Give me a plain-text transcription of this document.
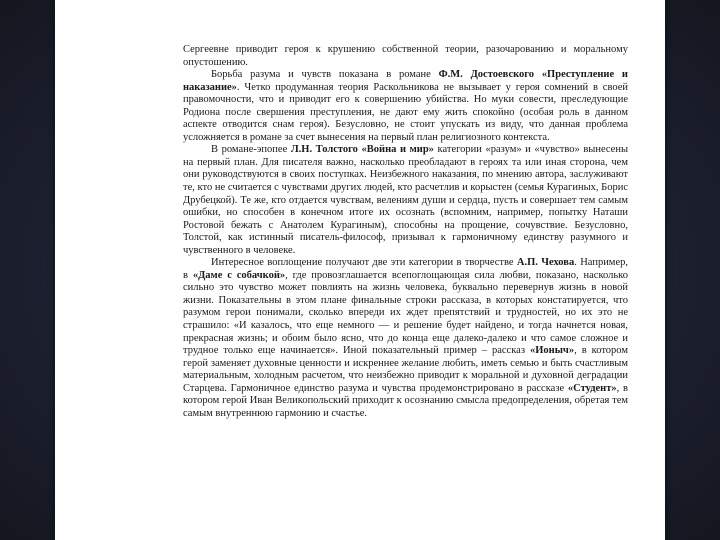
Сергеевне приводит героя к крушению собственной теории, разочарованию и моральному опустошению.

Борьба разума и чувств показана в романе Ф.М. Достоевского «Преступление и наказание». Четко продуманная теория Раскольникова не вызывает у героя сомнений в своей правомочности, что и приводит его к совершению убийства. Но муки совести, преследующие Родиона после свершения преступления, не дают ему жить спокойно (особая роль в данном аспекте отводится снам героя). Безусловно, не стоит упускать из виду, что данная проблема усложняется в романе за счет вынесения на первый план религиозного контекста.

В романе-эпопее Л.Н. Толстого «Война и мир» категории «разум» и «чувство» вынесены на первый план. Для писателя важно, насколько преобладают в героях та или иная сторона, чем они руководствуются в своих поступках. Неизбежного наказания, по мнению автора, заслуживают те, кто не считается с чувствами других людей, кто расчетлив и корыстен (семья Курагиных, Борис Друбецкой). Те же, кто отдается чувствам, велениям души и сердца, пусть и совершает тем самым ошибки, но способен в конечном итоге их осознать (вспомним, например, попытку Наташи Ростовой бежать с Анатолем Курагиным), способны на прощение, сочувствие. Безусловно, Толстой, как истинный писатель-философ, призывал к гармоничному единству разумного и чувственного в человеке.

Интересное воплощение получают две эти категории в творчестве А.П. Чехова. Например, в «Даме с собачкой», где провозглашается всепоглощающая сила любви, показано, насколько сильно это чувство может повлиять на жизнь человека, буквально перевернув жизнь в новой жизни. Показательны в этом плане финальные строки рассказа, в которых констатируется, что разумом герои понимали, сколько впереди их ждет препятствий и трудностей, но их это не страшило: «И казалось, что еще немного — и решение будет найдено, и тогда начнется новая, прекрасная жизнь; и обоим было ясно, что до конца еще далеко-далеко и что самое сложное и трудное только еще начинается». Иной показательный пример – рассказ «Ионыч», в котором герой заменяет духовные ценности и искреннее желание любить, иметь семью и быть счастливым материальным, холодным расчетом, что неизбежно приводит к моральной и духовной деградации Старцева. Гармоничное единство разума и чувства продемонстрировано в рассказе «Студент», в котором герой Иван Великопольский приходит к осознанию смысла предопределения, обретая тем самым внутреннюю гармонию и счастье.
